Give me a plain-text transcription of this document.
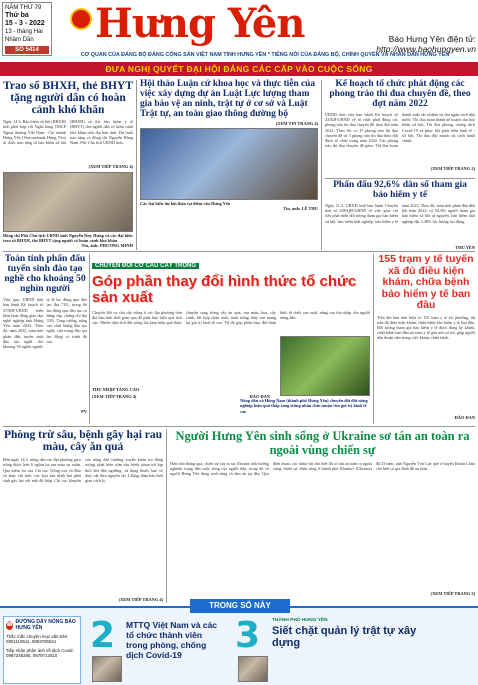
NĂM THỨ 79
Thứ ba
15 - 3 - 2022
13 - tháng Hai
Nhâm Dần
SỐ 5414
Hưng Yên	Báo Hưng Yên điện tử:
http://www.baohungyen.vn
CƠ QUAN CỦA ĐẢNG BỘ ĐẢNG CỘNG SẢN VIỆT NAM TỈNH HƯNG YÊN * TIẾNG NÓI CỦA ĐẢNG BỘ, CHÍNH QUYỀN VÀ NHÂN DÂN HƯNG YÊN
ĐƯA NGHỊ QUYẾT ĐẠI HỘI ĐẢNG CÁC CẤP VÀO CUỘC SỐNG
Trao sổ BHXH, thẻ BHYT tặng người dân có hoàn cảnh khó khăn
Ngày 14.3, Bảo hiểm xã hội (BHXH) tỉnh phối hợp với Ngân hàng TMCP Ngoại thương Việt Nam - Chi nhánh Hưng Yên (Vietcombank Hưng Yên) tổ chức trao tặng sổ bảo hiểm xã hội (BHXH) và thẻ bảo hiểm y tế (BHYT) cho người dân có hoàn cảnh khó khăn trên địa bàn tỉnh. Dự buổi trao tặng có đồng chí Nguyễn Hùng Nam, Phó Chủ tịch UBND tỉnh.
(XEM TIẾP TRANG 4)
Đồng chí Phó Chủ tịch UBND tỉnh Nguyễn Duy Hưng và các đại biểu trao sổ BHXH, thẻ BHYT tặng người có hoàn cảnh khó khăn
Tin, ảnh: PHƯƠNG MINH
Hội thảo Luận cứ khoa học và thực tiễn của việc xây dựng dự án Luật Lực lượng tham gia bảo vệ an ninh, trật tự ở cơ sở và Luật Trật tự, an toàn giao thông đường bộ
(XEM TIN TRANG 4)
Các đại biểu dự hội thảo tại điểm cầu Hưng Yên
Tin, ảnh: LÊ THU
Kế hoạch tổ chức phát động các phong trào thi đua chuyên đề, theo đợt năm 2022
UBND tỉnh vừa ban hành Kế hoạch số 43/KH-UBND về tổ chức phát động các phong trào thi đua chuyên đề, theo đợt năm 2022. Theo đó, có 15 phong trào thi đua chuyên đề và 3 phong trào thi đua theo đợt được tổ chức trong năm 2022. Các phong trào thi đua chuyên đề gồm: Thi đua hoàn thành xuất sắc nhiệm vụ thu ngân sách nhà nước; Thi đua hoàn thành kế hoạch thu bảo hiểm xã hội; Thi đua phòng, chống dịch Covid-19 và phục hồi phát triển kinh tế - xã hội; Thi đua đẩy mạnh cải cách hành chính.
(XEM TIẾP TRANG 2)
Phấn đấu 92,6% dân số tham gia bảo hiểm y tế
Ngày 11.3, UBND tỉnh ban hành Chuyên tính số 658/QĐ-UBND về việc giao chỉ tiêu phát triển đối tượng tham gia bảo hiểm xã hội, bảo hiểm thất nghiệp, bảo hiểm y tế năm 2022. Theo đó, toàn tỉnh phấn đấu đến hết năm 2022, có 92,6% người tham gia bảo hiểm xã hội tự nguyện, bảo hiểm thất nghiệp đạt 3,48% lực lượng lao động.
THU YÊN
Toàn tỉnh phấn đấu tuyển sinh đào tạo nghề cho khoảng 50 nghìn người
Vừa qua, UBND tỉnh ban hành Kế hoạch số 37/KH-UBND triển khai hoạt động giáo dục nghề nghiệp tỉnh Hưng Yên năm 2022. Theo đó, năm 2022, toàn tỉnh phấn đấu tuyển sinh đào tạo nghề cho khoảng 50 nghìn người; tỷ lệ lao động qua đào tạo đạt 71%, trong đó lao động qua đào tạo có bằng cấp, chứng chỉ đạt 33%. Tăng cường, nâng cao chất lượng đào tạo nghề, chú trọng đào tạo lao động có trình độ cao.
PV
CHUYỂN ĐỔI CƠ CẤU CÂY TRỒNG
Góp phần thay đổi hình thức tổ chức sản xuất
Chuyển đổi cơ cấu cây trồng ở các địa phương trên địa bàn tỉnh thời gian qua đã phát huy hiệu quả tích cực. Nhiều diện tích đất trồng lúa kém hiệu quả được chuyển sang trồng cây ăn quả, rau màu, hoa, cây cảnh, kết hợp chăn nuôi, nuôi trồng thủy sản mang lại giá trị kinh tế cao. Từ đó góp phần thay đổi hình thức tổ chức sản xuất, nâng cao thu nhập cho người nông dân.
THU NHẬP TĂNG CAO
(XEM TIẾP TRANG 4)	ĐÀO ĐAN
Nông dân xã Hồng Nam (thành phố Hưng Yên) chuyển đổi đất nông nghiệp hiệu quả thấp sang trồng nhãn chín muộn cho giá trị kinh tế cao
155 trạm y tế tuyến xã đủ điều kiện khám, chữa bệnh bảo hiểm y tế ban đầu
Trên địa bàn tỉnh hiện có 155 trạm y tế xã, phường, thị trấn đủ điều kiện khám, chữa bệnh bảo hiểm y tế ban đầu. Đối tượng tham gia bảo hiểm y tế được đăng ký khám, chữa bệnh ban đầu tại trạm y tế gần nơi cư trú, giúp người dân thuận tiện trong việc khám, chữa bệnh.
ĐÀO ĐAN
Phòng trừ sâu, bệnh gây hại rau màu, cây ăn quả
Đến ngày 14.3, nông dân các địa phương gieo trồng được hơn 6 nghìn ha rau màu vụ xuân. Qua kiểm tra của Chi cục Trồng trọt và Bảo vệ thực vật tỉnh, các loại sâu bệnh hại phát sinh gây hại với mật độ thấp. Chi cục khuyến cáo nông dân thường xuyên kiểm tra đồng ruộng, phát hiện sớm sâu bệnh, phun trừ kịp thời khi đến ngưỡng, sử dụng thuốc bảo vệ thực vật theo nguyên tắc 4 đúng; đảm bảo thời gian cách ly.
(XEM TIẾP TRANG 4)
Người Hưng Yên sinh sống ở Ukraine sơ tán an toàn ra ngoài vùng chiến sự
Hơn nửa tháng qua, chiến sự xảy ra tại Ukraine ảnh hưởng nghiêm trọng đến cuộc sống của người dân, trong đó có người Hưng Yên đang sinh sống và làm ăn tại đây. Qua điện thoại, các nhân vật cho biết đã sơ tán an toàn ra ngoài vùng chiến sự. Sinh sống ở thành phố Kharkov (Ukraine) đã 33 năm, anh Nguyễn Văn Lực quê ở huyện Khoái Châu cho biết cả gia đình đã an toàn.
(XEM TIẾP TRANG 3)
TRONG SỐ NÀY
☎ ĐƯỜNG DÂY NÓNG BÁO HƯNG YÊN
Thắc mắc chuyên mục văn bản: 0901118511, 0983785521
Tiếp nhận phản ánh về dịch Covid: 0987249285, 0979712610 2	MTTQ Việt Nam và các tổ chức thành viên trong phòng, chống dịch Covid-19	3	THÀNH PHỐ HƯNG YÊN
Siết chặt quản lý trật tự xây dựng
